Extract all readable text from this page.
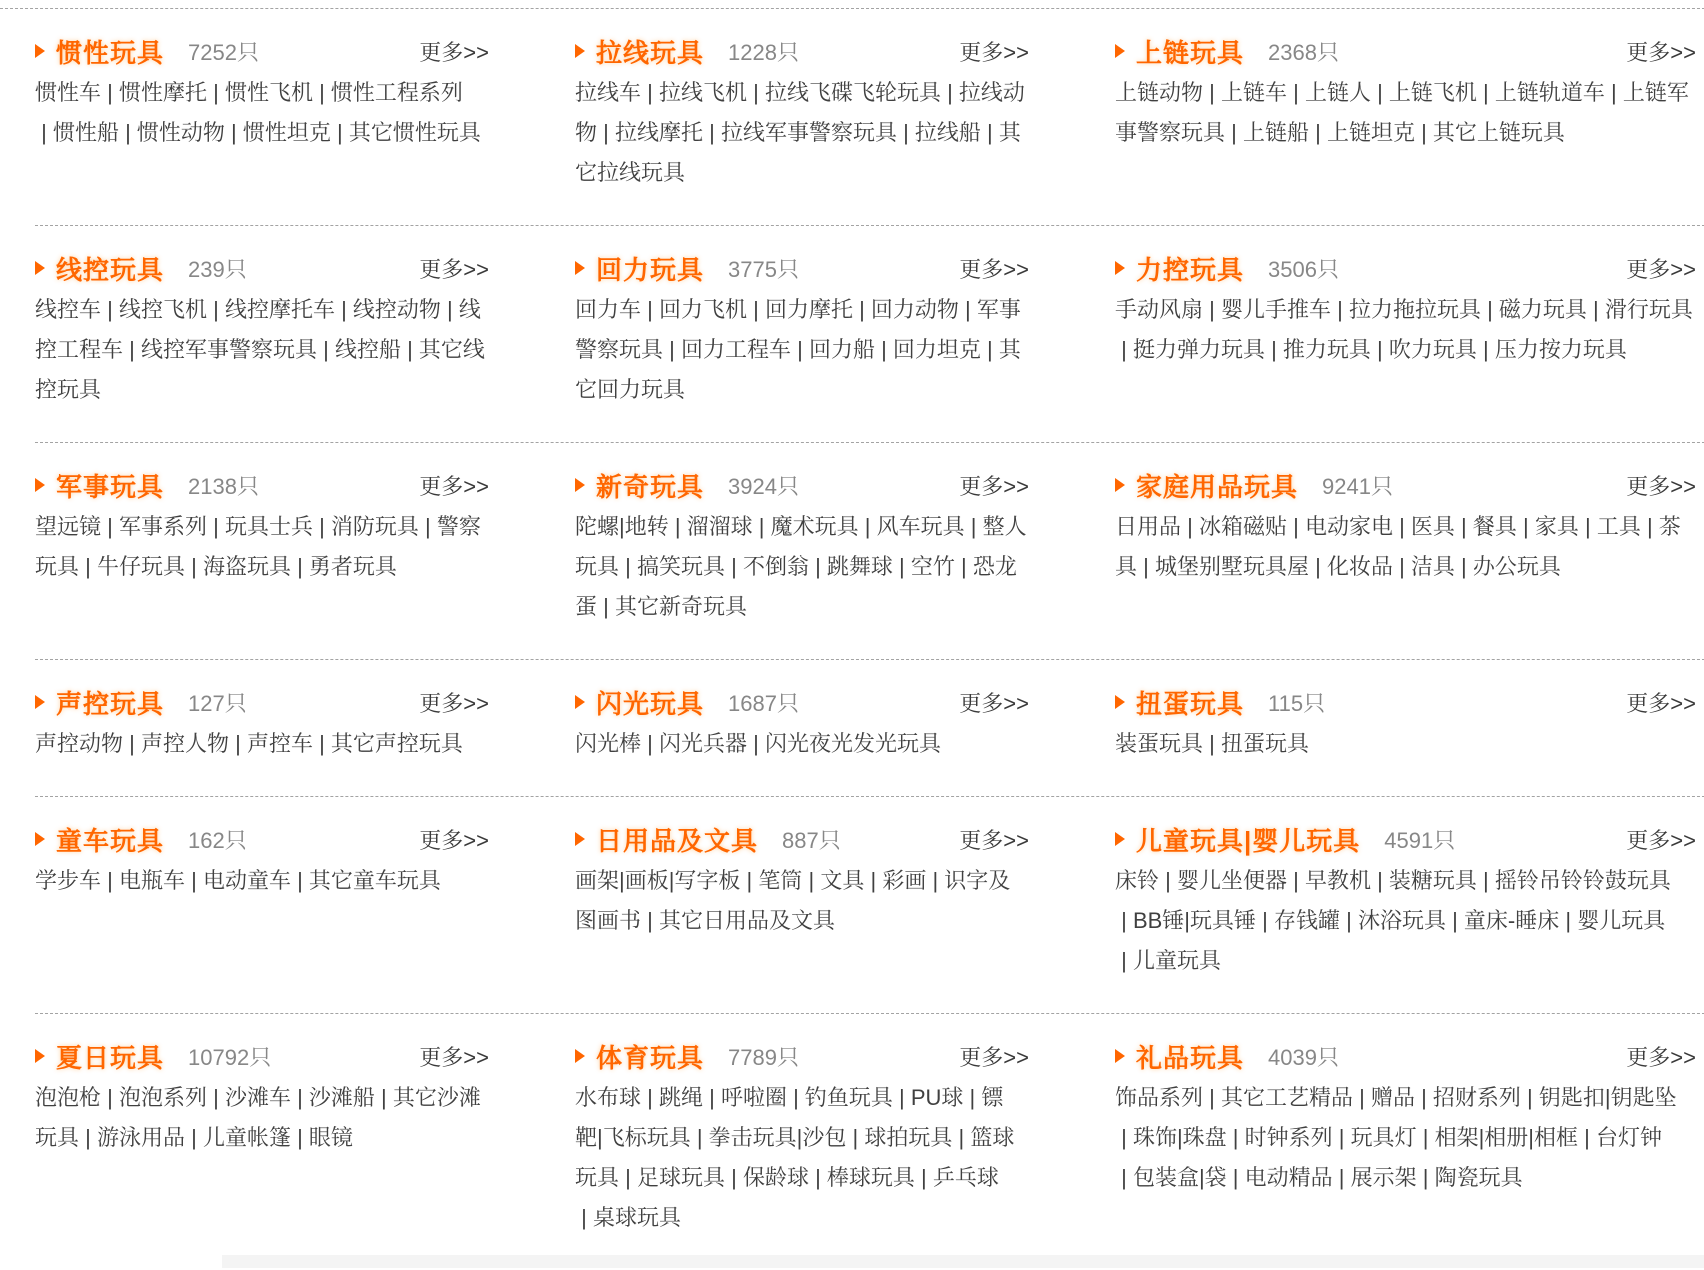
惯性玩具 7252只	更多>>

惯性车 | 惯性摩托 | 惯性飞机 | 惯性工程系列 | 惯性船 | 惯性动物 | 惯性坦克 | 其它惯性玩具

拉线玩具 1228只	更多>>

拉线车 | 拉线飞机 | 拉线飞碟飞轮玩具 | 拉线动物 | 拉线摩托 | 拉线军事警察玩具 | 拉线船 | 其它拉线玩具

上链玩具 2368只	更多>>

上链动物 | 上链车 | 上链人 | 上链飞机 | 上链轨道车 | 上链军事警察玩具 | 上链船 | 上链坦克 | 其它上链玩具

线控玩具 239只	更多>>

线控车 | 线控飞机 | 线控摩托车 | 线控动物 | 线控工程车 | 线控军事警察玩具 | 线控船 | 其它线控玩具

回力玩具 3775只	更多>>

回力车 | 回力飞机 | 回力摩托 | 回力动物 | 军事警察玩具 | 回力工程车 | 回力船 | 回力坦克 | 其它回力玩具

力控玩具 3506只	更多>>

手动风扇 | 婴儿手推车 | 拉力拖拉玩具 | 磁力玩具 | 滑行玩具 | 挺力弹力玩具 | 推力玩具 | 吹力玩具 | 压力按力玩具

军事玩具 2138只	更多>>

望远镜 | 军事系列 | 玩具士兵 | 消防玩具 | 警察玩具 | 牛仔玩具 | 海盗玩具 | 勇者玩具

新奇玩具 3924只	更多>>

陀螺|地转 | 溜溜球 | 魔术玩具 | 风车玩具 | 整人玩具 | 搞笑玩具 | 不倒翁 | 跳舞球 | 空竹 | 恐龙蛋 | 其它新奇玩具

家庭用品玩具 9241只	更多>>

日用品 | 冰箱磁贴 | 电动家电 | 医具 | 餐具 | 家具 | 工具 | 茶具 | 城堡别墅玩具屋 | 化妆品 | 洁具 | 办公玩具

声控玩具 127只	更多>>

声控动物 | 声控人物 | 声控车 | 其它声控玩具

闪光玩具 1687只	更多>>

闪光棒 | 闪光兵器 | 闪光夜光发光玩具

扭蛋玩具 115只	更多>>

装蛋玩具 | 扭蛋玩具

童车玩具 162只	更多>>

学步车 | 电瓶车 | 电动童车 | 其它童车玩具

日用品及文具 887只	更多>>

画架|画板|写字板 | 笔筒 | 文具 | 彩画 | 识字及图画书 | 其它日用品及文具

儿童玩具|婴儿玩具 4591只	更多>>

床铃 | 婴儿坐便器 | 早教机 | 装糖玩具 | 摇铃吊铃铃鼓玩具 | BB锤|玩具锤 | 存钱罐 | 沐浴玩具 | 童床-睡床 | 婴儿玩具 | 儿童玩具

夏日玩具 10792只	更多>>

泡泡枪 | 泡泡系列 | 沙滩车 | 沙滩船 | 其它沙滩玩具 | 游泳用品 | 儿童帐篷 | 眼镜

体育玩具 7789只	更多>>

水布球 | 跳绳 | 呼啦圈 | 钓鱼玩具 | PU球 | 镖靶|飞标玩具 | 拳击玩具|沙包 | 球拍玩具 | 篮球玩具 | 足球玩具 | 保龄球 | 棒球玩具 | 乒乓球 | 桌球玩具

礼品玩具 4039只	更多>>

饰品系列 | 其它工艺精品 | 赠品 | 招财系列 | 钥匙扣|钥匙坠 | 珠饰|珠盘 | 时钟系列 | 玩具灯 | 相架|相册|相框 | 台灯钟 | 包装盒|袋 | 电动精品 | 展示架 | 陶瓷玩具
